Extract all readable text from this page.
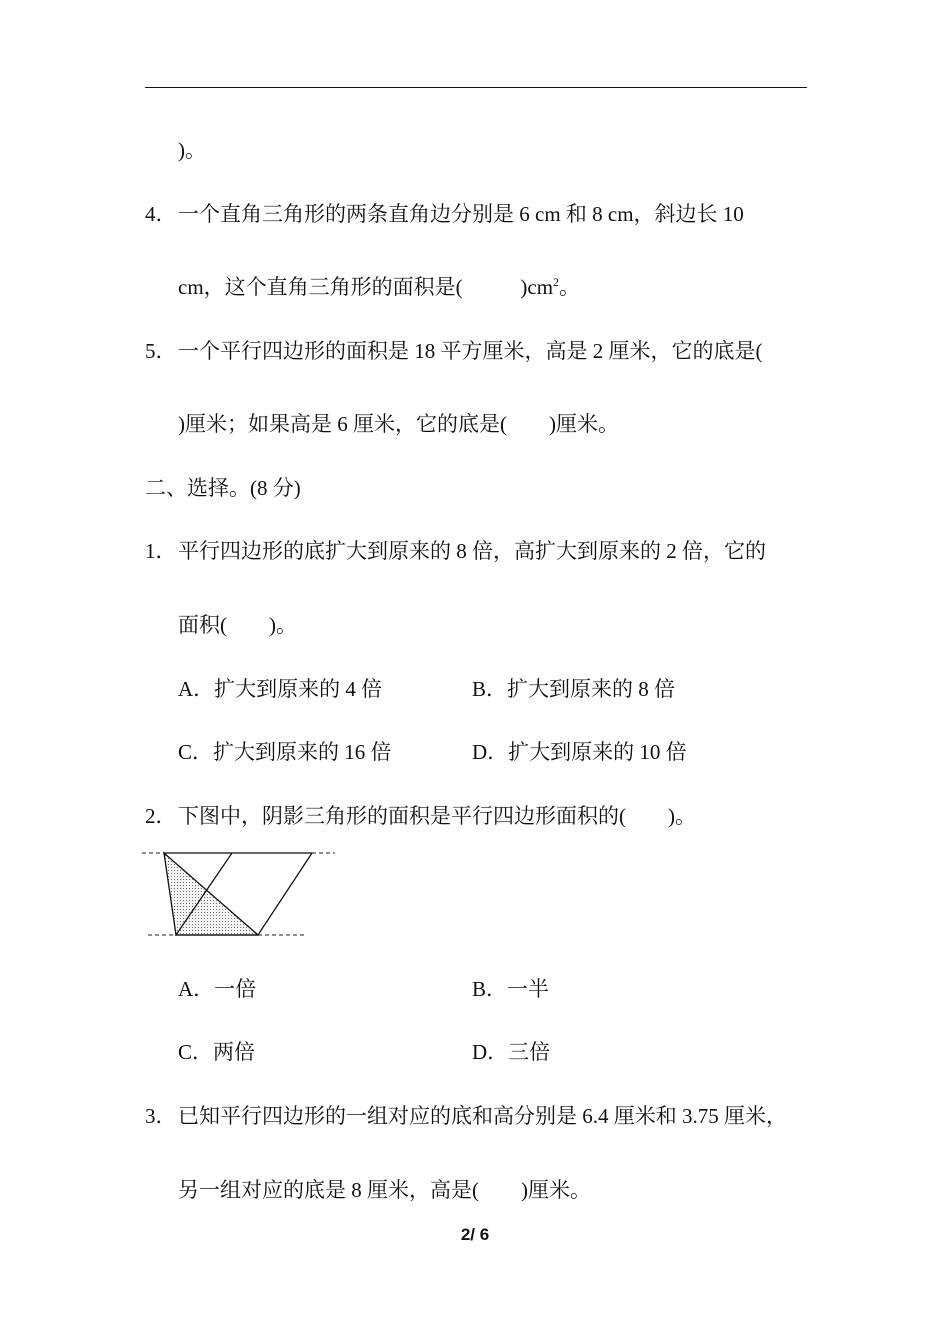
)。
4． 一个直角三角形的两条直角边分别是 6 cm 和 8 cm，斜边长 10
cm，这个直角三角形的面积是(           )$cm^2$。
5． 一个平行四边形的面积是 18 平方厘米，高是 2 厘米，它的底是(
)厘米；如果高是 6 厘米，它的底是(        )厘米。
二、选择。(8 分)
1． 平行四边形的底扩大到原来的 8 倍，高扩大到原来的 2 倍，它的
面积(        )。
A．扩大到原来的 4 倍	B．扩大到原来的 8 倍
C．扩大到原来的 16 倍	D．扩大到原来的 10 倍
2． 下图中，阴影三角形的面积是平行四边形面积的(        )。
A．一倍	B．一半
C．两倍	D．三倍
3． 已知平行四边形的一组对应的底和高分别是 6.4 厘米和 3.75 厘米，
另一组对应的底是 8 厘米，高是(        )厘米。
2/ 6
